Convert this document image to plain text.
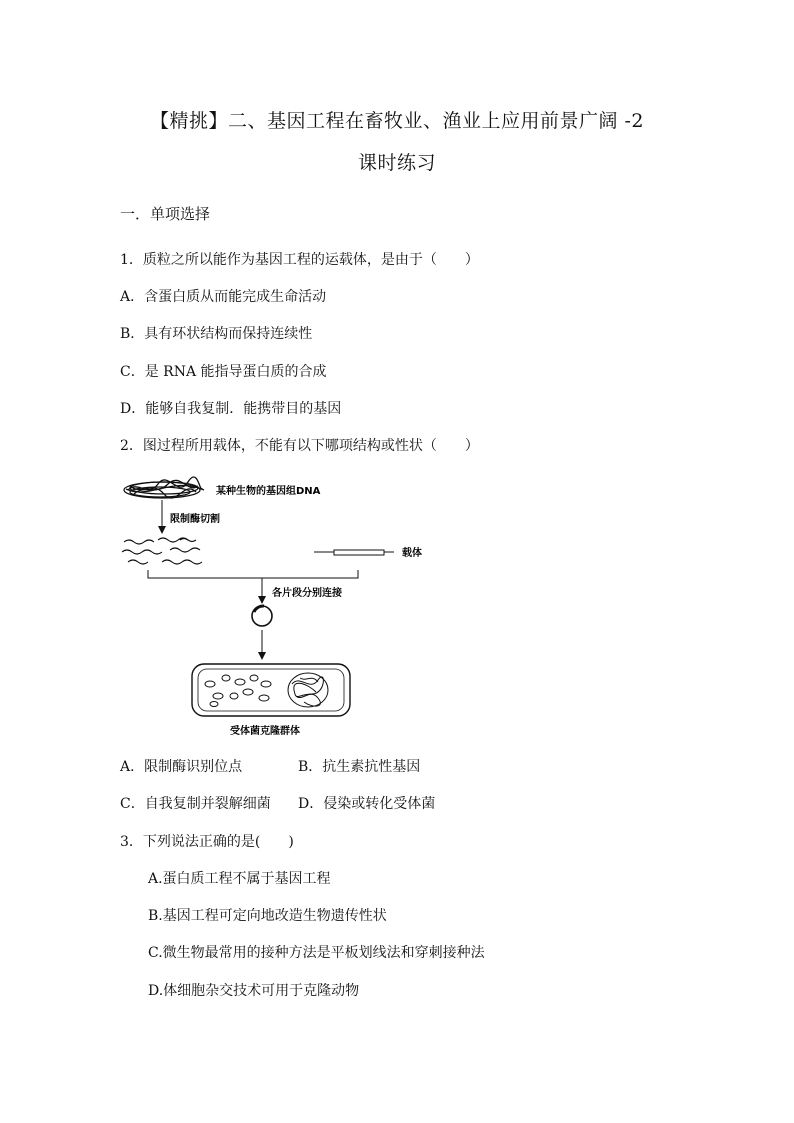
【精挑】二、基因工程在畜牧业、渔业上应用前景广阔 -2
课时练习
一．单项选择
1．质粒之所以能作为基因工程的运载体，是由于（　　）
A．含蛋白质从而能完成生命活动
B．具有环状结构而保持连续性
C．是 RNA 能指导蛋白质的合成
D．能够自我复制．能携带目的基因
2．图过程所用载体，不能有以下哪项结构或性状（　　）
某种生物的基因组DNA
限制酶切割
载体
各片段分别连接
受体菌克隆群体
A．限制酶识别位点	B．抗生素抗性基因
C．自我复制并裂解细菌 D．侵染或转化受体菌
3．下列说法正确的是(　　)
A.蛋白质工程不属于基因工程
B.基因工程可定向地改造生物遗传性状
C.微生物最常用的接种方法是平板划线法和穿刺接种法
D.体细胞杂交技术可用于克隆动物
